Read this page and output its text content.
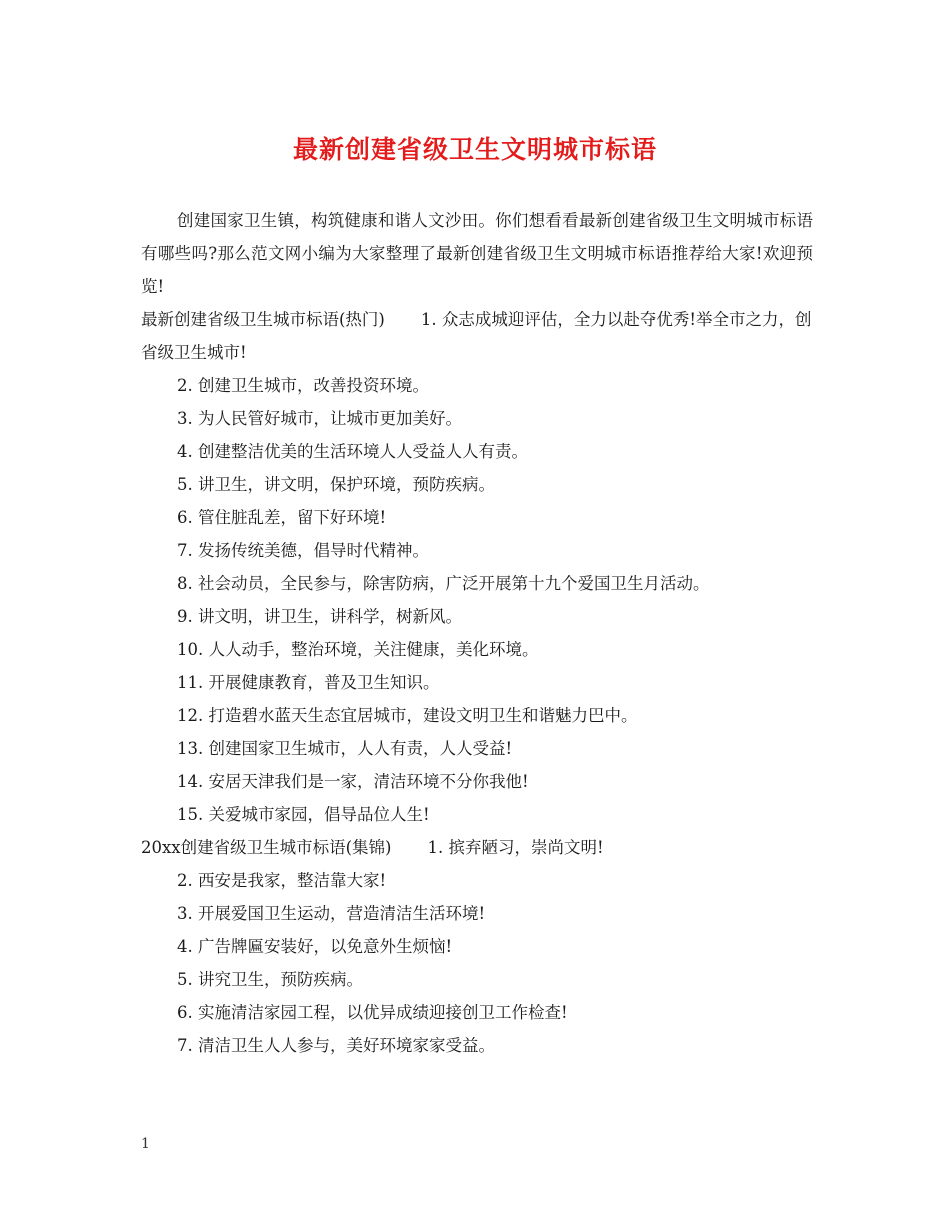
最新创建省级卫生文明城市标语

创建国家卫生镇，构筑健康和谐人文沙田。你们想看看最新创建省级卫生文明城市标语有哪些吗?那么范文网小编为大家整理了最新创建省级卫生文明城市标语推荐给大家!欢迎预览!

最新创建省级卫生城市标语(热门) 1. 众志成城迎评估，全力以赴夺优秀!举全市之力，创省级卫生城市!

2. 创建卫生城市，改善投资环境。

3. 为人民管好城市，让城市更加美好。

4. 创建整洁优美的生活环境人人受益人人有责。

5. 讲卫生，讲文明，保护环境，预防疾病。

6. 管住脏乱差，留下好环境!

7. 发扬传统美德，倡导时代精神。

8. 社会动员，全民参与，除害防病，广泛开展第十九个爱国卫生月活动。

9. 讲文明，讲卫生，讲科学，树新风。

10. 人人动手，整治环境，关注健康，美化环境。

11. 开展健康教育，普及卫生知识。

12. 打造碧水蓝天生态宜居城市，建设文明卫生和谐魅力巴中。

13. 创建国家卫生城市，人人有责，人人受益!

14. 安居天津我们是一家，清洁环境不分你我他!

15. 关爱城市家园，倡导品位人生!

20xx创建省级卫生城市标语(集锦) 1. 摈弃陋习，崇尚文明!

2. 西安是我家，整洁靠大家!

3. 开展爱国卫生运动，营造清洁生活环境!

4. 广告牌匾安装好，以免意外生烦恼!

5. 讲究卫生，预防疾病。

6. 实施清洁家园工程，以优异成绩迎接创卫工作检查!

7. 清洁卫生人人参与，美好环境家家受益。

1
